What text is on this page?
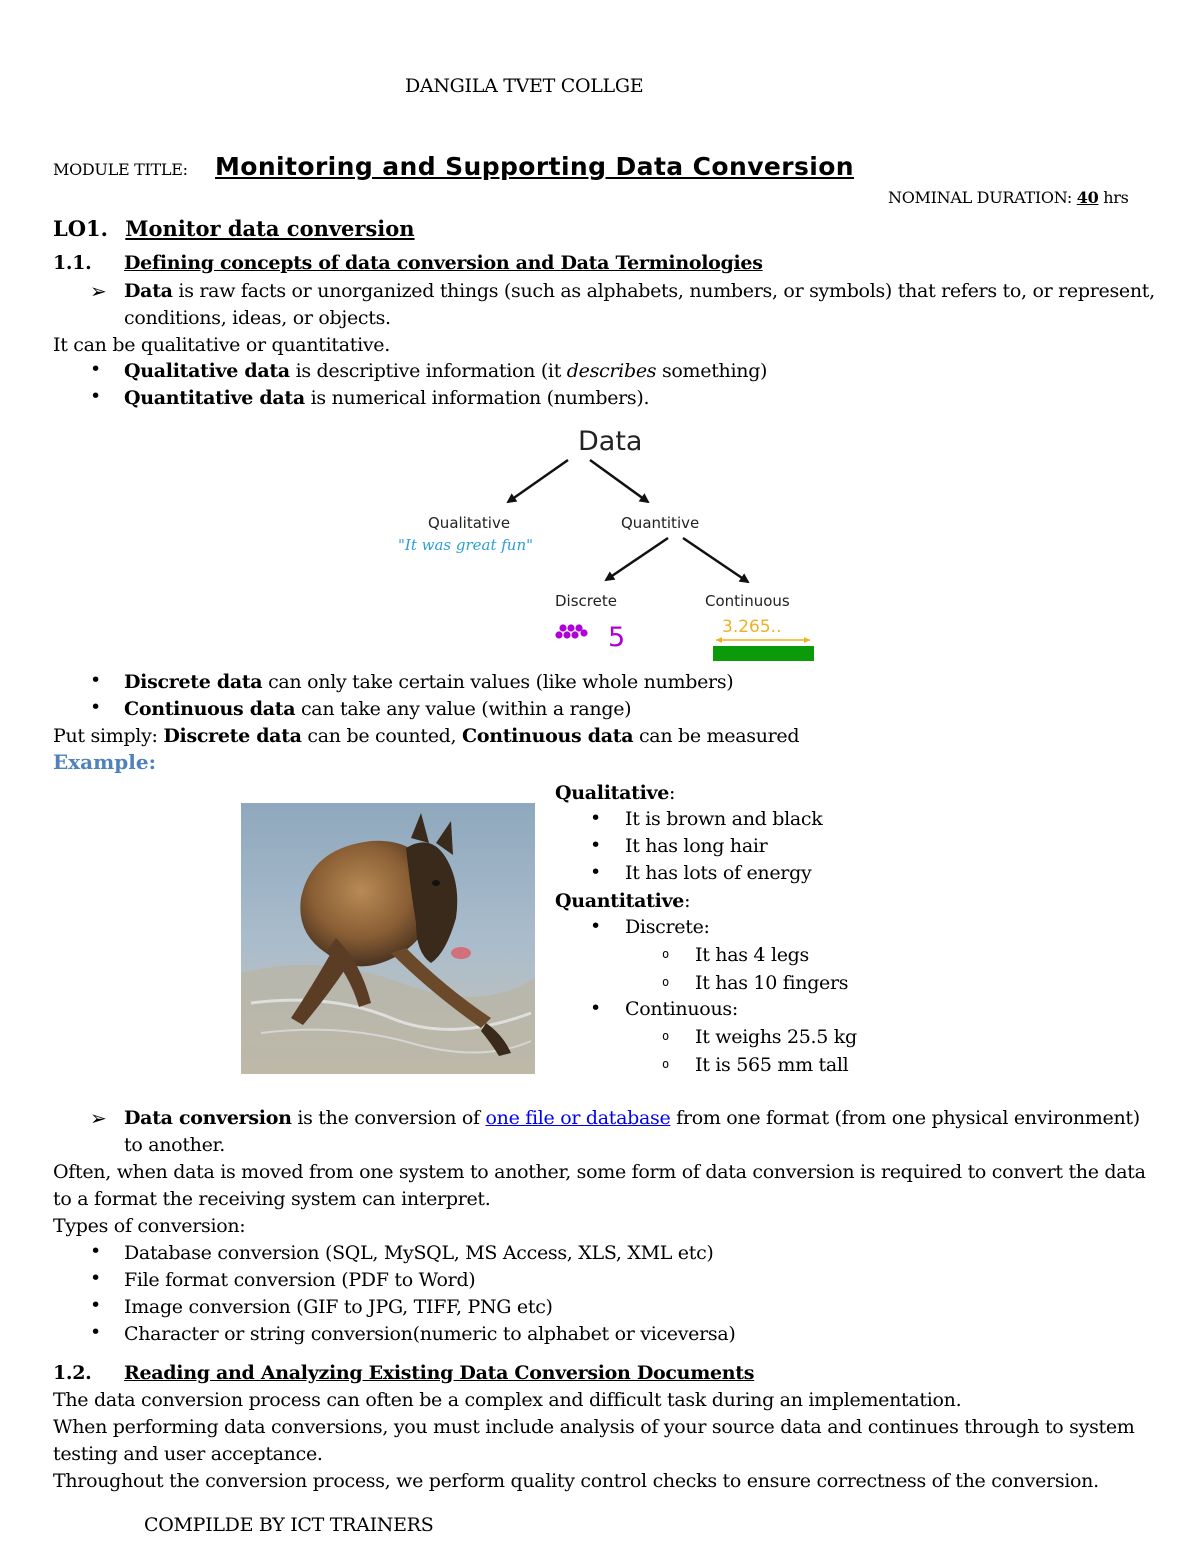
DANGILA TVET COLLGE
MODULE TITLE: Monitoring and Supporting Data Conversion
NOMINAL DURATION: 40 hrs
LO1. Monitor data conversion
1.1. Defining concepts of data conversion and Data Terminologies
➢ Data is raw facts or unorganized things (such as alphabets, numbers, or symbols) that refers to, or represent,
conditions, ideas, or objects.
It can be qualitative or quantitative.
• Qualitative data is descriptive information (it describes something)
• Quantitative data is numerical information (numbers).
Data
Qualitative
"It was great fun"
Quantitive
Discrete	Continuous
5	3.265..
• Discrete data can only take certain values (like whole numbers)
• Continuous data can take any value (within a range)
Put simply: Discrete data can be counted, Continuous data can be measured
Example:
Qualitative:
• It is brown and black
• It has long hair
• It has lots of energy
Quantitative:
• Discrete:
o It has 4 legs
o It has 10 fingers
• Continuous:
o It weighs 25.5 kg
o It is 565 mm tall
➢ Data conversion is the conversion of one file or database from one format (from one physical environment)
to another.
Often, when data is moved from one system to another, some form of data conversion is required to convert the data
to a format the receiving system can interpret.
Types of conversion:
• Database conversion (SQL, MySQL, MS Access, XLS, XML etc)
• File format conversion (PDF to Word)
• Image conversion (GIF to JPG, TIFF, PNG etc)
• Character or string conversion(numeric to alphabet or viceversa)
1.2. Reading and Analyzing Existing Data Conversion Documents
The data conversion process can often be a complex and difficult task during an implementation.
When performing data conversions, you must include analysis of your source data and continues through to system
testing and user acceptance.
Throughout the conversion process, we perform quality control checks to ensure correctness of the conversion.
COMPILDE BY ICT TRAINERS
